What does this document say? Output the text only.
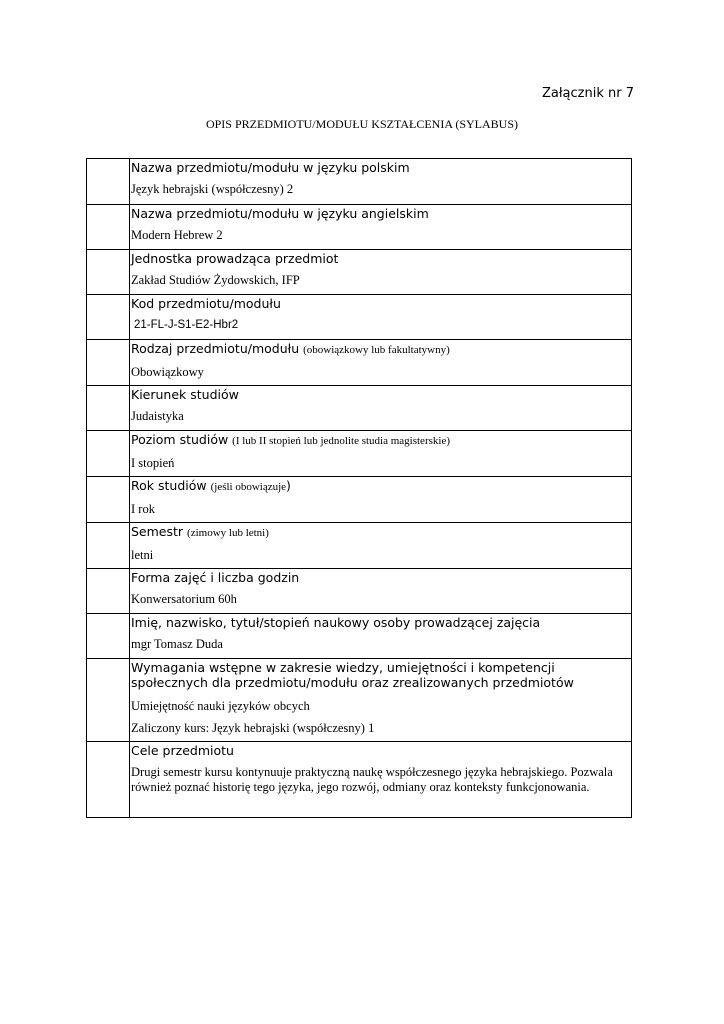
Załącznik nr 7
OPIS PRZEDMIOTU/MODUŁU KSZTAŁCENIA (SYLABUS)

	Nazwa przedmiotu/modułu w języku polskim
Język hebrajski (współczesny) 2

	Nazwa przedmiotu/modułu w języku angielskim
Modern Hebrew 2

	Jednostka prowadząca przedmiot
Zakład Studiów Żydowskich, IFP

	Kod przedmiotu/modułu
21-FL-J-S1-E2-Hbr2

	Rodzaj przedmiotu/modułu (obowiązkowy lub fakultatywny)
Obowiązkowy

	Kierunek studiów
Judaistyka

	Poziom studiów (I lub II stopień lub jednolite studia magisterskie)
I stopień

	Rok studiów (jeśli obowiązuje)
I rok

	Semestr (zimowy lub letni)
letni

	Forma zajęć i liczba godzin
Konwersatorium 60h

	Imię, nazwisko, tytuł/stopień naukowy osoby prowadzącej zajęcia
mgr Tomasz Duda

	Wymagania wstępne w zakresie wiedzy, umiejętności i kompetencji społecznych dla przedmiotu/modułu oraz zrealizowanych przedmiotów
Umiejętność nauki języków obcych
Zaliczony kurs: Język hebrajski (współczesny) 1

	Cele przedmiotu
Drugi semestr kursu kontynuuje praktyczną naukę współczesnego języka hebrajskiego. Pozwala również poznać historię tego języka, jego rozwój, odmiany oraz konteksty funkcjonowania.
